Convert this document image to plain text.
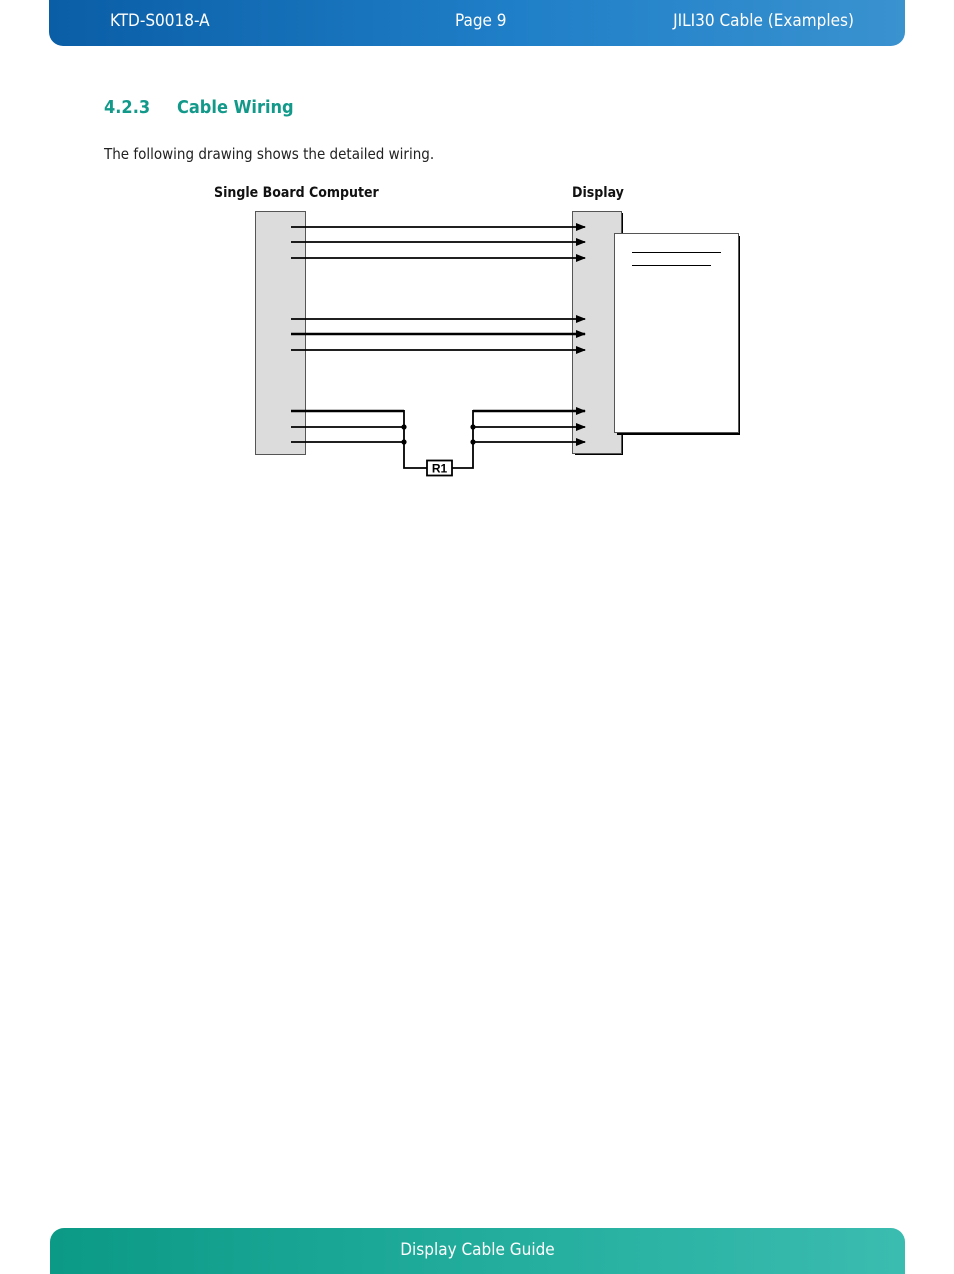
KTD-S0018-A	Page 9	JILI30 Cable (Examples)
4.2.3 Cable Wiring
The following drawing shows the detailed wiring.
Single Board Computer	Display
R1
Display Cable Guide
